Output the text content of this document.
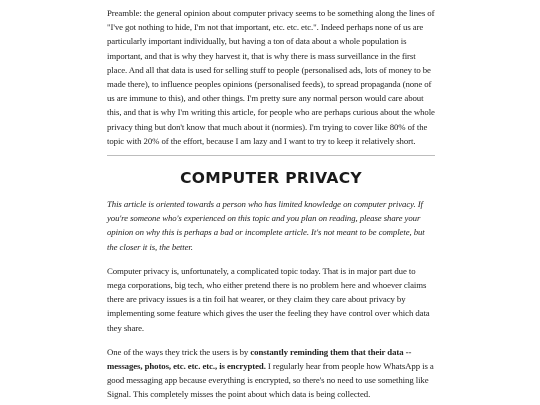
Preamble: the general opinion about computer privacy seems to be something along the lines of "I've got nothing to hide, I'm not that important, etc. etc. etc.". Indeed perhaps none of us are particularly important individually, but having a ton of data about a whole population is important, and that is why they harvest it, that is why there is mass surveillance in the first place. And all that data is used for selling stuff to people (personalised ads, lots of money to be made there), to influence peoples opinions (personalised feeds), to spread propaganda (none of us are immune to this), and other things. I'm pretty sure any normal person would care about this, and that is why I'm writing this article, for people who are perhaps curious about the whole privacy thing but don't know that much about it (normies). I'm trying to cover like 80% of the topic with 20% of the effort, because I am lazy and I want to try to keep it relatively short.

COMPUTER PRIVACY

This article is oriented towards a person who has limited knowledge on computer privacy. If you're someone who's experienced on this topic and you plan on reading, please share your opinion on why this is perhaps a bad or incomplete article. It's not meant to be complete, but the closer it is, the better.

Computer privacy is, unfortunately, a complicated topic today. That is in major part due to mega corporations, big tech, who either pretend there is no problem here and whoever claims there are privacy issues is a tin foil hat wearer, or they claim they care about privacy by implementing some feature which gives the user the feeling they have control over which data they share.

One of the ways they trick the users is by constantly reminding them that their data -- messages, photos, etc. etc. etc., is encrypted. I regularly hear from people how WhatsApp is a good messaging app because everything is encrypted, so there's no need to use something like Signal. This completely misses the point about which data is being collected.
